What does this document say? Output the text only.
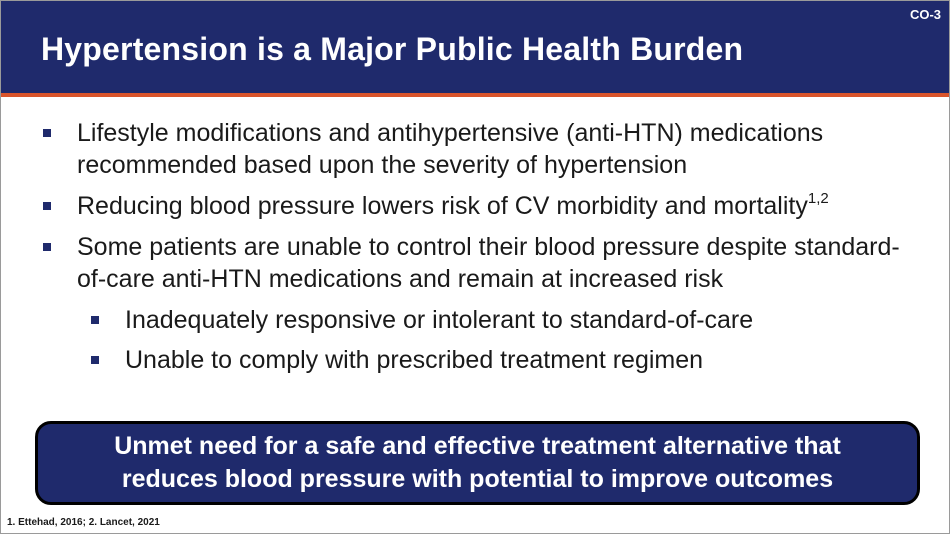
CO-3
Hypertension is a Major Public Health Burden
Lifestyle modifications and antihypertensive (anti-HTN) medications recommended based upon the severity of hypertension
Reducing blood pressure lowers risk of CV morbidity and mortality$^{1,2}$
Some patients are unable to control their blood pressure despite standard-of-care anti-HTN medications and remain at increased risk
Inadequately responsive or intolerant to standard-of-care
Unable to comply with prescribed treatment regimen
Unmet need for a safe and effective treatment alternative that
reduces blood pressure with potential to improve outcomes
1. Ettehad, 2016; 2. Lancet, 2021
